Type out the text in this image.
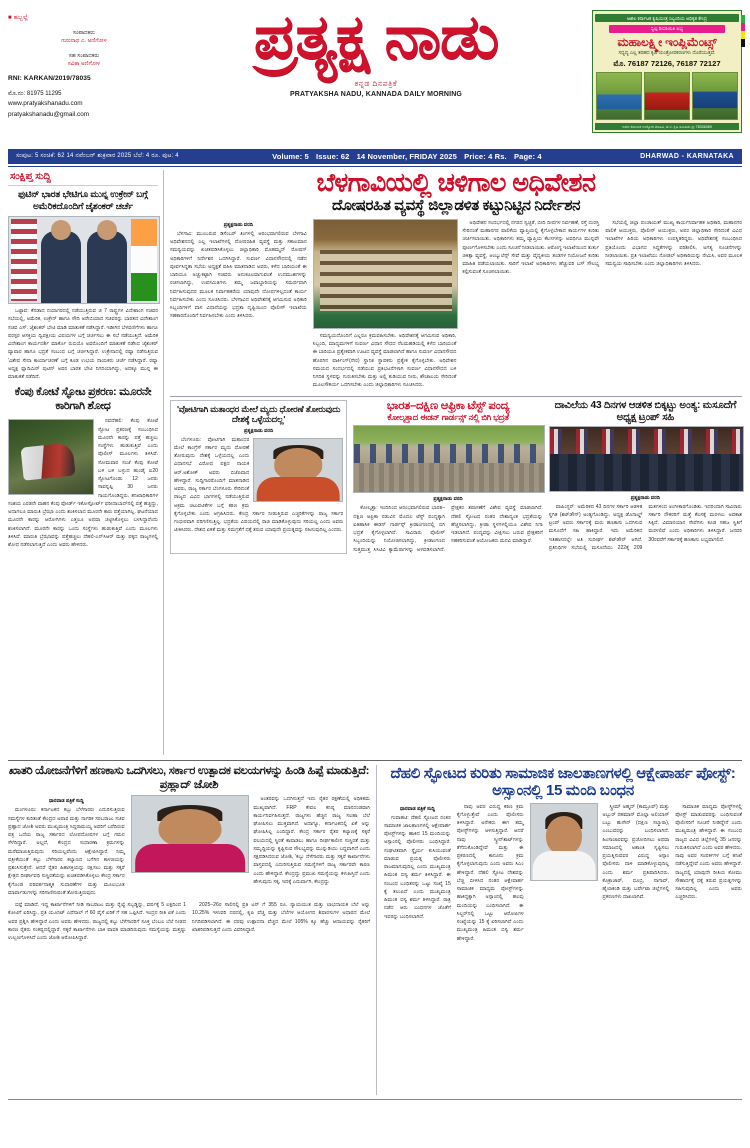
■ ಹಬ್ಬಲ್ಲೆ
ಸಂಪಾದಕರು
ಗುರುನಾಥ ಎ. ಅಣಿಗೋಳ
ಸಹ ಸಂಪಾದಕರು
ಸವಿತಾ ಅಣಿಗೋಳ
RNI: KARKAN/2019/78035
ಮೊ.ನಂ: 81975 11295
www.pratyakshanadu.com
pratyakshanadu@gmail.com
ಪ್ರತ್ಯಕ್ಷ ನಾಡು
ಕನ್ನಡ ದಿನಪತ್ರಿಕೆ
PRATYAKSHA NADU, KANNADA DAILY MORNING
ಅಖಿಲ ಕರ್ನಾಟಕ ಕೃಷಿಯಂತ್ರ ಸಿಬ್ಬಂದಿಯ ಅಧಿಕೃತ ಕೇಂದ್ರ
ಸ್ವಲ್ಪ ರಿಯಾಯಿತಿ ಲಭ್ಯ
ಮಹಾಲಕ್ಷ್ಮೀ ಇಂಪ್ಲಿಮೆಂಟ್ಸ್
ಸಧ್ಯದ್ಯ ಎಲ್ಲ ತರಹದ ಕೃಷಿ ಯಂತ್ರೋಪಕರಣಗಳು ದೊರೆಯುತ್ತವೆ.
ಮೊ. 76187 72126, 76187 72127
ಅಖಿಲ ಕರ್ನಾಟಕ ಉದ್ಯೋಗ ಮಾಹಿತಿ, ಹೆ ನ. ಕೃಷಿ ಸಮಿತಿಯ ಪ್ರ: 78336369
ಸಂಪುಟ: 5 ಸಂಚಿಕೆ: 62 14 ನವೆಂಬರ್ ಶುಕ್ರವಾರ 2025 ಬೆಲೆ: 4 ರೂ. ಪುಟ: 4	Volume: 5 Issue: 62 14 November, FRIDAY 2025 Price: 4 Rs. Page: 4	DHARWAD - KARNATAKA
ಸಂಕ್ಷಿಪ್ತ ಸುದ್ದಿ
ಫುಟಿನ್ ಭಾರತ ಭೇಟಿಗೂ ಮುನ್ನ ಉಕ್ರೇನ್ ಬಗ್ಗೆ ಅಮೆರಿಕದೊಂದಿಗೆ ಜೈಶಂಕರ್ ಚರ್ಚೆ

ಒಟ್ಟಾವ: ಕೆನಡಾದ ನಯಾಗರದಲ್ಲಿ ನಡೆಯುತ್ತಿರುವ ಜಿ 7 ರಾಷ್ಟ್ರಗಳ ವಿದೇಶಾಂಗ ಸಚಿವರ ಸಭೆಯಲ್ಲಿ, ಅಮೆರಿಕ, ಉಕ್ರೇನ್ ಹಾಗೂ ಸೌದಿ ಅರೇಬಿಯಾದ ಸಚಿವರನ್ನು ಭಾರತದ ವಿದೇಶಾಂಗ ಸಚಿವ ಎಸ್. ಜೈಶಂಕರ್ ಭೇಟಿ ಮಾಡಿ ಮಾತುಕತೆ ನಡೆಸಿದ್ದಾರೆ. ಇಡೀಗಿನ ಬೆಳವಣಿಗೆಗಳು ಹಾಗೂ ಪರಸ್ಪರ ಆಸಕ್ತಿಯ ದ್ವಿಪಕ್ಷೀಯ ವಿಷಯಗಳ ಬಗ್ಗೆ ಚರ್ಚಿಸಲು ಈ ಸಭೆ ನಡೆಯುತ್ತಿದೆ. ಅಮೆರಿಕ ವಿದೇಶಾಂಗ ಕಾರ್ಯದರ್ಶಿ ಮಾರ್ಕೊ ರುಬಿಯೊ ಅವರೊಂದಿಗೆ ಮಾತುಕತೆ ನಡೆಸಿದ ಜೈಶಂಕರ್ ವ್ಯಾಪಾರ ಹಾಗೂ ಭದ್ರತೆ ಸಂಬಂಧ ಬಗ್ಗೆ ಚರ್ಚಿಸಿದ್ದಾರೆ. ಉಕ್ರೇನಾದಲ್ಲಿ ರಷ್ಯಾ ನಡೆಸುತ್ತಿರುವ 'ವಿಶೇಷ ಸೇನಾ ಕಾರ್ಯಾಚರಣೆ' ಬಗ್ಗೆ ಕೂಡ ಉಭಯ ನಾಯಕರು ಚರ್ಚೆ ನಡೆಸಿದ್ದಾರೆ. ರಷ್ಯಾ ಅಧ್ಯಕ್ಷ ವ್ಲಾದಿಮಿರ್ ಪುಟಿನ್ ಅವರ ಭಾರತ ಭೇಟಿ ನಿಗದಿಯಾಗಿದ್ದು, ಅದಕ್ಕೂ ಮುನ್ನ ಈ ಮಾತುಕತೆ ನಡೆದಿದೆ.

ಕೆಂಪು ಕೋಟೆ ಸ್ಫೋಟ ಪ್ರಕರಣ: ಮೂರನೇ ಕಾರಿಗಾಗಿ ಶೋಧ

ನವದೆಹಲಿ: ಕೆಂಪು ಕೋಟೆ ಸ್ಫೋಟ ಪ್ರಕರಣಕ್ಕೆ ಸಂಬಂಧಿಸಿದ ಮೂರನೇ ಕಾರನ್ನು ಪತ್ತೆ ಹಚ್ಚಲು ಸಂಸ್ಥೆಗಳು ಹುಡುಕುತ್ತಿವೆ ಎಂದು ಪೊಲೀಸ್ ಮೂಲಗಳು ತಿಳಿಸಿವೆ. ಸೋಮವಾರ ಸಂಜೆ ಕೆಂಪು ಕೋಟೆ ಬಳಿ ಬಳಿ ಬಳ್ಳುದ ಹುಂಡೈ ಐ20 ಸ್ಫೋಟಗೊಂಡು 12 ಜನರು ಸಾವನ್ನಪ್ಪಿ 30 ಜನರು ಗಾಯಗೊಂಡಿದ್ದರು. ತನಿಖಾಧಿಕಾರಿಗಳ ಸಂಶಯ ಎರಡನೇ ವಾಹನ ಕೆಂಪು ಫೋರ್ಡ್ ಇಕೋಸ್ಪೋರ್ಟ್ ಫರೀದಾಬಾದ್‌ನಲ್ಲಿ ಪತ್ತೆ ಹಚ್ಚಿದ್ದು, ಅದಾಗಲೂ ಮಾರುತಿ ಬ್ರೆಝಾ ಎಂದು ಶಂಕಿಸಲಾದ ಮೂರನೇ ಕಾರು ಪತ್ತೆಯಾಗಿಲ್ಲ. ಘಟನೆಯಾದ ಮೂರನೇ ಕಾರನ್ನು ಆರೋಗಿಗಳು ಎತ್ತಲೂ ಅಥವಾ ಚಟ್ಟಿಸಿಕೊಳ್ಳಲು ಬಳಸಿದ್ದಾರೆಂದು ಶಂಕಿಸಲಾಗಿದೆ. ಮೂರನೇ ಕಾರನ್ನು ಒಂದು ಸಂಸ್ಥೆಗಳು ಹುಡುಕುತ್ತಿವೆ ಎಂದು ಮೂಲಗಳು ತಿಳಿಸಿವೆ. ಮಾರುತಿ ಬ್ರೆಝಾವನ್ನು ಪತ್ತೆಹಚ್ಚಲು ದೆಹಲಿ-ಎನ್‌ಸಿಆರ್ ಮತ್ತು ಪಕ್ಕದ ರಾಜ್ಯಗಳಲ್ಲಿ ಶೋಧ ನಡೆಸಲಾಗುತ್ತಿದೆ ಎಂದು ಅವರು ಹೇಳಿದರು.

ಬೆಳಗಾವಿಯಲ್ಲಿ ಚಳಿಗಾಲ ಅಧಿವೇಶನ
ದೋಷರಹಿತ ವ್ಯವಸ್ಥೆ ಜಿಲ್ಲಾಡಳಿತ ಕಟ್ಟುನಿಟ್ಟಿನ ನಿರ್ದೇಶನ
ಪ್ರತ್ಯಕ್ಷನಾಡು ವರದಿ

ಬೆಳಗಾವಿ: ಮುಂಬರುವ ಡಿಸೆಂಬರ್ ತಿಂಗಳಲ್ಲಿ ಆರಂಭವಾಗಲಿರುವ ಬೆಳಗಾವಿ ಅಧಿವೇಶನದಲ್ಲಿ ಎಲ್ಲ ಇಲಾಖೆಗಳಲ್ಲಿ ದೋಷರಹಿತ ವ್ಯವಸ್ಥೆ ಮತ್ತು ಸಕಾಲಮಾನ ಸಮನ್ವಯವನ್ನು ಖಚಿತಪಡಿಸಿಕೊಳ್ಳಲು ಜಿಲ್ಲಾಧಿಕಾರಿ ಮೊಹಮ್ಮದ್ ರೋಷನ್ ಅಧಿಕಾರಿಗಳಿಗೆ ನಿರ್ದೇಶನ ಒದಗಿಸಿದ್ದಾರೆ. ಸುವರ್ಣ ವಿಧಾನಸೌಧದಲ್ಲಿ ನಡೆದ ಪೂರ್ವಸಿದ್ಧತಾ ಸಭೆಯ ಅಧ್ಯಕ್ಷತೆ ವಹಿಸಿ ಮಾತನಾಡಿದ ಅವರು, ಕಳೆದ ಬಾರಿಯಂತೆ ಈ ಬಾರಿಯೂ ಅಚ್ಚುಕಟ್ಟಾಗಿ ಸಚಿವರು ಅನುಕೂಲವಾಗುವಂತೆ ಉದಮುಖಿಗಳನ್ನು ರಚಿಸಲಾಗಿದ್ದು, ಉಪಸಮಿತಿಗಳು ತಮ್ಮ ಜವಾಬ್ದಾರಿಯನ್ನು ಸಮರ್ಥವಾಗಿ ನಿರ್ವಹಿಸುವುದರ ಮೂಲಕ ನಿರ್ವಾಹಕರೆಯ ಯಾವುದೇ ದೋಷಗಳಿಲ್ಲದಂತೆ ಕಾರ್ಯ ನಿರ್ವಹಿಸಬೇಕು ಎಂದು ಸೂಚಿಸಿದರು. ಬೆಳಗಾವಿದ ಅಧಿವೇಶನಕ್ಕೆ ಆಗಮಿಸುವ ಅಧಿಕಾರಿ ಸಿಬ್ಬಂದಿಗಳಿಗೆ ವಾಸ ವಿಧಾನೆಯನ್ನು ಭದ್ರತಾ ದೃಷ್ಟಿಯಿಂದ ಪೊಲೀಸ್ ಇಲಾಖೆಯ ಸಹಕಾರದೊಂದಿಗೆ ನಿರ್ವಹಿಸಬೇಕು ಎಂದು ತಿಳಿಸಿದರು.

ಸಮನ್ವಯದೊಂದಿಗೆ ಎಲ್ಲರೂ ಕ್ರಮವಹಿಸಬೇಕು. ಅಧಿವೇಶನಕ್ಕೆ ಆಗಮಿಸುವ ಅಧಿಕಾರಿ, ಸಿಬ್ಬಂದಿ, ಮಾಧ್ಯಮಗಳಿಗೆ ಸುವರ್ಣ ವಿಧಾನ ಸೌಧದ ನೆಲಮಹಡಿಯಲ್ಲಿ ಕಳೆದ ಬಾರಿಯಂತೆ ಈ ಬಾರಿಯೂ ಪ್ರತ್ಯೇಕವಾಗಿ ಊಟದ ವ್ಯವಸ್ಥೆ ಮಾಡಲಾಗಿದೆ ಹಾಗೂ ಸುವರ್ಣ ವಿಧಾನಸೌಧದ ಹೊರಗಿನ ಪಾರ್ಕಿಂಗ್(ನೇರ) ಸ್ಥಾನಿಕ ಸ್ಥಾಪಕರು ಪ್ರತ್ಯೇಕ ಕೈಗೊಳ್ಳಬೇಕು. ಅಧಿವೇಶನ ಸಮಯದ ಸಂದರ್ಭದಲ್ಲಿ ನಡೆಯುವ ಪ್ರತಿಭಟನೆಗಳಾಗಿ ಸುವರ್ಣ ವಿಧಾನಸೌಧದ ಬಳಿ ನಿಗದಿತ ಸ್ಥಳವನ್ನು ಗುರುತಿಸಬೇಕು ಮತ್ತು ಅಲ್ಲಿ ಕುಡಿಯುವ ನೀರು, ಶೌಚಾಲಯ ಸೇರಿದಂತೆ ಮೂಲಸೌಕರ್ಯ ಒದಗಿಸಬೇಕು ಎಂದು ಜಿಲ್ಲಾಧಿಕಾರಿಗಳು ಸೂಚಿಸಿದರು.

ಅಧಿವೇಶನ ಸಂದರ್ಭದಲ್ಲಿ ನಗರದ ಸ್ವಚ್ಛತೆ, ಬೀದಿ ದೀಪಗಳ ನಿರ್ವಹಣೆ, ರಸ್ತೆ ದುರಸ್ತಿ ಸೇರಿದಂತೆ ಮಹಾನಗರ ಪಾಲಿಕೆಯ ವ್ಯಾಪ್ತಿಯಲ್ಲಿ ಕೈಗೊಳ್ಳಬೇಕಾದ ಕಾರ್ಯಗಳ ಕುರಿತು ಚರ್ಚಿಸಲಾಯಿತು. ಅಧಿಕಾರಿಗಳು ತಮ್ಮ ವ್ಯಾಪ್ತಿಯ ಕೆಲಸಗಳನ್ನು ಅವಧಿಗೂ ಮುನ್ನವೇ ಪೂರ್ಣಗೊಳಿಸಬೇಕು ಎಂದು ಸೂಚನೆ ನೀಡಲಾಯಿತು. ಆರೋಗ್ಯ ಇಲಾಖೆಯಿಂದ ತುರ್ತು ಚಿಕಿತ್ಸಾ ವ್ಯವಸ್ಥೆ, ಆಂಬ್ಯುಲೆನ್ಸ್ ಸೇವೆ ಮತ್ತು ವೈದ್ಯಕೀಯ ತಂಡಗಳ ನಿಯೋಜನೆ ಕುರಿತು ಮಾಹಿತಿ ಪಡೆಯಲಾಯಿತು. ಸಾರಿಗೆ ಇಲಾಖೆ ಅಧಿಕಾರಿಗಳು ಹೆಚ್ಚುವರಿ ಬಸ್ ಸೌಲಭ್ಯ ಕಲ್ಪಿಸುವಂತೆ ಸೂಚಿಸಲಾಯಿತು.

ಸಭೆಯಲ್ಲಿ ಜಿಲ್ಲಾ ಪಂಚಾಯತ್ ಮುಖ್ಯ ಕಾರ್ಯನಿರ್ವಾಹಕ ಅಧಿಕಾರಿ, ಮಹಾನಗರ ಪಾಲಿಕೆ ಆಯುಕ್ತರು, ಪೊಲೀಸ್ ಆಯುಕ್ತರು, ಅಪರ ಜಿಲ್ಲಾಧಿಕಾರಿ ಸೇರಿದಂತೆ ವಿವಿಧ ಇಲಾಖೆಗಳ ಹಿರಿಯ ಅಧಿಕಾರಿಗಳು ಉಪಸ್ಥಿತರಿದ್ದರು. ಅಧಿವೇಶನಕ್ಕೆ ಸಂಬಂಧಿಸಿದ ಪ್ರತಿಯೊಂದು ವಿಭಾಗದ ಸಿದ್ಧತೆಗಳನ್ನು ಪರಿಶೀಲಿಸಿ, ಅಗತ್ಯ ಸೂಚನೆಗಳನ್ನು ನೀಡಲಾಯಿತು. ಪ್ರತಿ ಇಲಾಖೆಯು ನೋಡಲ್ ಅಧಿಕಾರಿಯನ್ನು ನೇಮಿಸಿ, ಅವರ ಮೂಲಕ ಸಮನ್ವಯ ಸಾಧಿಸಬೇಕು ಎಂದು ಜಿಲ್ಲಾಧಿಕಾರಿಗಳು ತಿಳಿಸಿದರು.

'ವೋಟಿಗಾಗಿ ಮತಾಂಧರ ಮೇಲೆ ಮ್ಯದು ಧೋರಣೆ ತೋರುವುದು ದೇಶಕ್ಕೆ ಒಳ್ಳೆಯದಲ್ಲ'
ಪ್ರತ್ಯಕ್ಷನಾಡು ವರದಿ

ಬೆಂಗಳೂರು: ವೋಟಿಗಾಗಿ ಮತಾಂಧರ ಮೇಲೆ ಕಾಂಗ್ರೆಸ್ ಸರ್ಕಾರ ಮ್ಯದು ಧೋರಣೆ ತೋರುವುದು ದೇಶಕ್ಕೆ ಒಳ್ಳೆಯದಲ್ಲ ಎಂದು ವಿಧಾನಸಭೆ ವಿರೋಧ ಪಕ್ಷದ ನಾಯಕ ಆರ್.ಅಶೋಕ್ ಅವರು ಬಿಜೆಪಿವಾದ ಹೇಳಿದ್ದಾರೆ. ಸುದ್ದಿಗಾರರೊಂದಿಗೆ ಮಾತನಾಡಿದ ಅವರು, ರಾಜ್ಯ ಸರ್ಕಾರ ಬೆಂಗಳೂರು ಸೇರಿದಂತೆ ರಾಜ್ಯದ ವಿವಿಧ ಭಾಗಗಳಲ್ಲಿ ನಡೆಯುತ್ತಿರುವ ಅಕ್ರಮ ಚಟುವಟಿಕೆಗಳ ಬಗ್ಗೆ ಕಠಿಣ ಕ್ರಮ ಕೈಗೊಳ್ಳಬೇಕು ಎಂದು ಆಗ್ರಹಿಸಿದರು. ಕೇಂದ್ರ ಸರ್ಕಾರ ನೀಡುತ್ತಿರುವ ಎಚ್ಚರಿಕೆಗಳನ್ನು ರಾಜ್ಯ ಸರ್ಕಾರ ಗಂಭೀರವಾಗಿ ಪರಿಗಣಿಸುತ್ತಿಲ್ಲ. ಭದ್ರತೆಯ ವಿಷಯದಲ್ಲಿ ರಾಜಿ ಮಾಡಿಕೊಳ್ಳುವುದು ಸರಿಯಲ್ಲ ಎಂದು ಅವರು ಟೀಕಿಸಿದರು. ದೇಶದ ಏಕತೆ ಮತ್ತು ಸಮಗ್ರತೆಗೆ ಧಕ್ಕೆ ತರುವ ಯಾವುದೇ ಪ್ರಯತ್ನವನ್ನು ಸಹಿಸುವುದಿಲ್ಲ ಎಂದರು.

ಭಾರತ–ದಕ್ಷಿಣ ಆಫ್ರಿಕಾ ಟೆಸ್ಟ್ ಪಂದ್ಯ
ಕೋಲ್ಕತ್ತಾದ ಈಡನ್ ಗಾರ್ಡನ್ಸ್ ನಲ್ಲಿ ಬಿಗಿ ಭದ್ರತೆ
ಪ್ರತ್ಯಕ್ಷನಾಡು ವರದಿ

ಕೋಲ್ಕತ್ತಾ: ಇಂದಿನಿಂದ ಆರಂಭವಾಗಲಿರುವ ಭಾರತ–ದಕ್ಷಿಣ ಆಫ್ರಿಕಾ ನಡುವಿನ ಮೊದಲ ಟೆಸ್ಟ್ ಪಂದ್ಯಕ್ಕಾಗಿ ಐತಿಹಾಸಿಕ ಈಡನ್ ಗಾರ್ಡನ್ಸ್ ಕ್ರೀಡಾಂಗಣದಲ್ಲಿ ಬಿಗಿ ಭದ್ರತೆ ಕೈಗೊಳ್ಳಲಾಗಿದೆ. ಸಾವಿರಾರು ಪೊಲೀಸ್ ಸಿಬ್ಬಂದಿಯನ್ನು ನಿಯೋಜಿಸಲಾಗಿದ್ದು, ಕ್ರೀಡಾಂಗಣದ ಸುತ್ತಮುತ್ತ ಸಿಸಿಟಿವಿ ಕ್ಯಾಮೆರಾಗಳನ್ನು ಅಳವಡಿಸಲಾಗಿದೆ. ಪ್ರೇಕ್ಷಕರ ತಪಾಸಣೆಗೆ ವಿಶೇಷ ವ್ಯವಸ್ಥೆ ಮಾಡಲಾಗಿದೆ. ದೆಹಲಿ ಸ್ಫೋಟದ ನಂತರ ದೇಶಾದ್ಯಂತ ಭದ್ರತೆಯನ್ನು ಹೆಚ್ಚಿಸಲಾಗಿದ್ದು, ಕ್ರೀಡಾ ಸ್ಥಳಗಳಲ್ಲಿಯೂ ವಿಶೇಷ ನಿಗಾ ಇಡಲಾಗಿದೆ. ಪಂದ್ಯವನ್ನು ವೀಕ್ಷಿಸಲು ಬರುವ ಪ್ರೇಕ್ಷಕರಿಗೆ ಸಹಕರಿಸುವಂತೆ ಆಯೋಜಕರು ಮನವಿ ಮಾಡಿದ್ದಾರೆ.

ದಾವಿಲೆಯ 43 ದಿನಗಳ ಆಡಳಿತ ಬಿಕ್ಕಟ್ಟು ಅಂತ್ಯ: ಮಸೂದೆಗೆ ಅಧ್ಯಕ್ಷ ಟ್ರಂಪ್ ಸಹಿ
ಪ್ರತ್ಯಕ್ಷನಾಡು ವರದಿ

ವಾಷಿಂಗ್ಟನ್: ಅಮೆರಿಕದ 43 ದಿನಗಳ ಸರ್ಕಾರಿ ಆಡಳಿತ ಸ್ಥಗಿತ (ಶಟ್‌ಡೌನ್) ಅಂತ್ಯಗೊಂಡಿದ್ದು, ಅಧ್ಯಕ್ಷ ಡೊನಾಲ್ಡ್ ಟ್ರಂಪ್ ಅವರು ಸರ್ಕಾರಕ್ಕೆ ಮರು ಹಣಕಾಸು ಒದಗಿಸುವ ಮಸೂದೆಗೆ ಸಹಿ ಹಾಕಿದ್ದಾರೆ. ಇದು ಅಮೆರಿಕದ ಇತಿಹಾಸದಲ್ಲೇ ಅತಿ ಸುದೀರ್ಘ ಶಟ್‌ಡೌನ್ ಆಗಿದೆ. ಪ್ರತಿನಿಧಿಗಳ ಸಭೆಯಲ್ಲಿ ಮಸೂದೆಯು 222ಕ್ಕೆ 209 ಮತಗಳಿಂದ ಅಂಗೀಕಾರಗೊಂಡಿತು. ಇದರಿಂದಾಗಿ ಸಾವಿರಾರು ಸರ್ಕಾರಿ ನೌಕರರಿಗೆ ಮತ್ತೆ ಕೆಲಸಕ್ಕೆ ಮರಳಲು ಅವಕಾಶ ಸಿಕ್ಕಿದೆ. ವಿಮಾನಯಾನ ಸೇವೆಗಳು ಕೂಡ ಸಹಜ ಸ್ಥಿತಿಗೆ ಮರಳಲಿವೆ ಎಂದು ಅಧಿಕಾರಿಗಳು ತಿಳಿಸಿದ್ದಾರೆ. ಜನವರಿ 30ರವರೆಗೆ ಸರ್ಕಾರಕ್ಕೆ ಹಣಕಾಸು ಲಭ್ಯವಾಗಲಿದೆ.

ಖಾತರಿ ಯೋಜನೆಗೆಳಿಗೆ ಹಣಕಾಸು ಒದಗಿಸಲು, ಸರ್ಕಾರ ಉತ್ಪಾದಕ ವಲಯಗಳನ್ನು ಹಿಂಡಿ ಹಿಪ್ಪೆ ಮಾಡುತ್ತಿದೆ: ಪ್ರಹ್ಲಾದ್ ಜೋಶಿ
ಧಾರವಾಡ ಪತ್ರಿಕೆ ಸುದ್ದಿ

ಮಂಗಳೂರು: ಕರ್ನಾಟಕದ ಕಬ್ಬು ಬೆಳೆಗಾರರು ಎದುರಿಸುತ್ತಿರುವ ಸಮಸ್ಯೆಗಳ ಕುರಿತಂತೆ ಕೇಂದ್ರದ ಅಪಾರ ಮತ್ತು ನಾಗರಿಕ ಸರಬರಾಜು ಸಚಿವ ಪ್ರಹ್ಲಾದ ಜೋಶಿ ಅವರು ಮುಖ್ಯಮಂತ್ರಿ ಸಿದ್ದರಾಮಯ್ಯ ಅವರಿಗೆ ಬರೆದಿರುವ ಪತ್ರ ಒದೆಯ ರಾಜ್ಯ ಸರ್ಕಾರದ ಲೋಪದೋಷಗಳ ಬಗ್ಗೆ ಗಮನ ಸೆಳೆದಿದ್ದಾರೆ. ಅಲ್ಲದೆ, ಕೇಂದ್ರದ ಸುಧಾರಣಾ ಕ್ರಮಗಳನ್ನು ಮರೆಮಾಚುತ್ತಿರುವುದು ಸರಿಯಲ್ಲವೆಂದು ಆಕ್ಷೇಪಿಸಿದ್ದಾರೆ. ನಿಮ್ಮ ಪತ್ರೀಕೆಯಂತೆ ಕಬ್ಬು ಬೆಳೆಗಾರರ ಕಲ್ಯಾಣದ ಬಗೆಗಿನ ಕಾಳಜಿಯನ್ನು ಪ್ರಶಂಸಿಸುತ್ತೇನೆ. ಆದರೆ ರೈತರ ಹಿತಾಸಕ್ತಿಯನ್ನು ರಕ್ಷಿಸಲು ಮತ್ತು ಸಕ್ಕರೆ ಕ್ಷೇತ್ರದ ದೀರ್ಘಾವಧಿ ಸುಸ್ಥಿರತೆಯನ್ನು ಖಚಿತಪಡಿಸಿಕೊಳ್ಳಲು ಕೇಂದ್ರ ಸರ್ಕಾರ ಕೈಗೊಂಡ ಪರಿವರ್ತನಾತ್ಮಕ ಸುಧಾರಣೆಗಳ ಮತ್ತು ಮೂಲಭೂತ ಮಾರ್ಪಾಡುಗಳನ್ನು ಸರಿಗಾಣಿಸುವಂತೆ ತೋರುತ್ತಿರುವುದು

ಅಂತರವನ್ನು ಒದಗಿಸುತ್ತದೆ ಇದು ರೈತರ ರಕ್ಷಣೆಯಲ್ಲಿ ಅಧಿಕತಮ ಮುಖ್ಯವಾಗಿದೆ. FRP ಕೇವಲ ಕನಿಷ್ಠ ಮಾನದಂಡವಾಗಿ ಕಾರ್ಯನಿರ್ವಹಿಸುತ್ತದೆ. ರಾಜ್ಯಗಳು ಹೆಚ್ಚಿನ ರಾಜ್ಯ ಸಲಹಾ ಬೆಲೆ ಘೋಷಿಸಲು ಮುಕ್ತವಾಗಿದೆ. ಅದಾಗ್ಯೂ, ಕರ್ನಾಟಕದಲ್ಲಿ ಏಕೆ ಅನ್ನು ಘೋಷಿಸಿಲ್ಲ ಎಂದಿದ್ದಾರೆ. ಕೇಂದ್ರ ಸರ್ಕಾರ ರೈತರ ಕಲ್ಯಾಣಕ್ಕೆ ಸಕ್ಕರೆ ವಲಯದಲ್ಲಿ ಸ್ಥಿರತೆ ಕಾಪಾಡಲು ಹಾಗೂ ದೀರ್ಘಕಾಲೀನ ಸುಸ್ಥಿರತೆ ಮತ್ತು ಸಮೃದ್ಧಿಯನ್ನು ಕೃಷ್ಟಿಸುವ ಸೌಲಭ್ಯವನ್ನು ಮುನ್ನುಡಿಯು ಬದ್ಧವಾಗಿದೆ ಎಂದು ಸಕ್ಷಪಡಿಸಿದರುವ ಜೋಶಿ, 'ಕಬ್ಬು ದೆಳೆಗಾರರು ಮತ್ತು ಸಕ್ಕರೆ ಕಾರ್ಖಾನೆಗಳು ವಾಸ್ತವದಲ್ಲಿ ಎದುರಿಸುತ್ತಿರುವ ಸಮಸ್ಯೆಗಳಿಗೆ ರಾಜ್ಯ ಸರ್ಕಾರವೇ ಕಾರಣ ಎಂದು ಹೇಳಿದ್ದಾರೆ. ಕೇಂದ್ರದ್ದು ಪ್ರಮುಖ ಸಮಸ್ಯೆಯನ್ನು ಕಳುಹಿಸ್ತಿದೆ ಎಂದು ಹೇಳುವುದು ಸಕ್ಕ, ಇದಕ್ಕೆ ಎದುರ್ವಾಗಿ, ಕೇಂದ್ರದ್ದು

ಬಿಪ್ಪೆ ಮಾಡಿದೆ. ಇದ್ದ ಕಾರ್ಖಾನೆಗಳಿಗೆ ನೀಡಿ ಸಾಬರಾಜು ಮತ್ತು ರೈಲ್ವೆ ಸಬ್ಬಡ್ಡಿನ್ನು, ವರ್ಷಕ್ಕೆ 5 ಲಕ್ಷದಿಂದ 1 ಕೋಟಿಗೆ ಏರಿಸಿದ್ದು, ಪ್ರತಿ ಯೂನಿಟ್ ಎಥೆನಾಲ್ ಗೆ 60 ಪೈಸೆ ಏರಿಕೆ ಗೆ ಸಹ ಒಪ್ಪಿಸಿದೆ. ಇಂದ್ರನ ರೀತಿ ಏಕೆ ಎಂದು ಅವರ ಪ್ರಶ್ನಿಸಿ ಹೇಳಿದ್ದಾರೆ ಎಂದು ಅವರು ಹೇಳಿದರು. ರಾಜ್ಯದಲ್ಲಿ ಕಬ್ಬು ಬೆಳೆಗಾರರಿಗೆ ಸೂಕ್ತ ಬೆಂಬಲ ಬೆಲೆ ನೀಡದ ಕಾರಣ ರೈತರು ಸಂಕಷ್ಟದಲ್ಲಿದ್ದಾರೆ. ಸಕ್ಕರೆ ಕಾರ್ಖಾನೆಗಳು ಬಾಕಿ ಪಾವತಿ ಮಾಡದಿರುವುದು ಸಮಸ್ಯೆಯನ್ನು ಮತ್ತಷ್ಟು ಉಲ್ಬಣಗೊಳಿಸಿದೆ ಎಂದು ಜೋಶಿ ಆರೋಪಿಸಿದ್ದಾರೆ.

2025–26ರ ಸಾಲಿನಲ್ಲಿ ಪ್ರತಿ ಟನ್ ಗೆ 355 ರೂ. ನ್ಯಾಯಯುತ ಮತ್ತು ಲಾಭದಾಯಕ ಬೆಲೆ ಅನ್ನು 10.25% ಇಳುವರಿ ದರದಲ್ಲಿ, ಕೃಷಿ ವೆಚ್ಚ ಮತ್ತು ಬೆಲೆಗಳ ಆಯೋಗದ ಶಿಫಾರಸುಗಳ ಅಧಾರದ ಮೇಲೆ ನಿಗದಿಪಡಿಸಲಾಗಿದೆ. ಈ ದರವು ಉತ್ಪಾದನಾ ವೆಚ್ಚದ ಮೇಲೆ 105% ಕ್ಕೂ ಹೆಚ್ಚು ಆದಾಯವನ್ನು ರೈತರಿಗೆ ಖಾತರಿಪಡಿಸುತ್ತದೆ ಎಂದು ವಿವರಿಸಿದ್ದಾರೆ.

ದೆಹಲಿ ಸ್ಫೋಟದ ಕುರಿತು ಸಾಮಾಜಿಕ ಜಾಲತಾಣಗಳಲ್ಲಿ ಆಕ್ಷೇಪಾರ್ಹ ಪೋಸ್ಟ್: ಅಸ್ಸಾಂನಲ್ಲಿ 15 ಮಂದಿ ಬಂಧನ
ಧಾರವಾಡ ಪತ್ರಿಕೆ ಸುದ್ದಿ

ಗುವಾಹಟಿ: ದೆಹಲಿ ಸ್ಫೋಟದ ನಂತರ ಸಾಮಾಜಿಕ ಜಾಲತಾಣಗಳಲ್ಲಿ ಆಕ್ಷೇಪಾರ್ಹ ಪೋಸ್ಟ್‌ಗಳನ್ನು ಹಾಕಿದ 15 ಮಂದಿಯನ್ನು ಅಸ್ಸಾಂನಲ್ಲಿ ಪೊಲೀಸರು ಬಂಧಿಸಿದ್ದಾರೆ. ಸಂಘಟಿತವಾಗಿ ಸ್ಥೈರ್ಯ ಕುಸಿಯುವಂತೆ ಮಾಡುವ ಪ್ರಯತ್ನ ಪೊಲೀಸರು ರಾಜಮಾಗುವುದಿಲ್ಲ ಎಂದು ಮುಖ್ಯಮಂತ್ರಿ ಹಿಮಂತ ಬಿಸ್ವ ಶರ್ಮ ತಿಳಿಸಿದ್ದಾರೆ. ಈ ಸಂಬಂಧ ಬಂಧಿತರನ್ನು ಒಟ್ಟು ಸಂಖ್ಯೆ 15 ಕ್ಕೆ ತಲುಪಿದೆ ಎಂದು ಮುಖ್ಯಮಂತ್ರಿ ಹಿಮಂತ ಬಿಸ್ವ ಶರ್ಮ ತಿಳಿಸಿದ್ದಾರೆ. ರಾತ್ರಿ ನಡೆದ ಆರು ಬಂಧನಗಳ ಜೊತೆಗೆ ಇವರನ್ನು ಬಂಧಿಸಲಾಗಿದೆ.

ನಾವು ಅವರ ವಿರುದ್ಧ ಕಠಿಣ ಕ್ರಮ ಕೈಗೊಳ್ಳುತ್ತೇವೆ ಎಂದು ಪೊಲೀಸರು ತಿಳಿಸಿದ್ದಾರೆ. ಅನೇಕರು ಈಗ ತಮ್ಮ ಪೋಸ್ಟ್‌ಗಳನ್ನು ಅಳಿಸುತ್ತಿದ್ದಾರೆ. ಆದರೆ ನಾವು ಸ್ಕ್ರೀನ್‌ಶಾಟ್‌ಗಳನ್ನು ತೆಗೆದುಕೊಂಡಿದ್ದೇವೆ ಮತ್ತು ಈ ಪ್ರಕರಣದಲ್ಲಿ ಕಾನೂನು ಕ್ರಮ ಕೈಗೊಳ್ಳಲಾಗುವುದು ಎಂದು ಅವರು ಸಿಎಂ ಹೇಳಿದ್ದಾರೆ. ದೆಹಲಿ ಸ್ಫೋಟ ದೇಶವನ್ನು ಬೆಚ್ಚಿ ಬೀಳಿಸಿದ ನಂತರ ಆಕ್ಷೇಪಾರ್ಹ ಸಾಮಾಜಿಕ ಮಾಧ್ಯಮ ಪೋಸ್ಟ್‌ಗಳನ್ನು ಹಾಕಿದ್ದಕ್ಕಾಗಿ ಅಸ್ಸಾಂನಲ್ಲಿ ಹಲವು ಮಂದಿಯನ್ನು ಬಂಧಿಸಲಾಗಿದೆ. ಈ ಸಿಲ್ಚರ್‌ನಲ್ಲಿ ಒಟ್ಟು ಆರೋಪಿಗಳ ಸಂಖ್ಯೆಯನ್ನು 15 ಕ್ಕೆ ಏರಿಸಲಾಗಿದೆ ಎಂದು ಮುಖ್ಯಮಂತ್ರಿ ಹಿಮಂತ ಬಿಸ್ವ ಶರ್ಮ ಹೇಳಿದ್ದಾರೆ.

ಸ್ಕ್ರೀಮ್ ಅಹ್ಮದ್ (ಕಾಮ್ರೂಪ್) ಮತ್ತು ಅಬ್ಬುರ್ ರಹಮಾನ್ ಮೊಲ್ಲಾ ಅಲಿಯಾಸ್ ಬಬ್ಬು ಹುಸೇನ್ (ದಕ್ಷಿಣ ಸಲ್ಮಾರಾ), ಎಂಬುವರನ್ನು ಬಂಧಿಸಲಾಗಿದೆ. ಹಿಂಸಾಚಾರವನ್ನು ಪ್ರಚೋದಿಸಲು ಅಥವಾ ಸಮಾಜದಲ್ಲಿ ಅಶಾಂತಿ ಸೃಷ್ಟಿಸಲು ಪ್ರಯತ್ನಿಸುವವರ ವಿರುದ್ಧ ಅಸ್ಸಾಂ ಪೊಲೀಸರು ದಾಳಿ ಮಾಡಿಕೊಳ್ಳುವುದಿಲ್ಲ ಎಂದು ಶರ್ಮ ಪ್ರತಿಪಾದಿಸಿದರು. ಕೊಕ್ರಾಜಾರ್, ಧೂಬ್ರಿ, ನಾಗಾವ್, ಹೈಲಾಕಂಡಿ ಮತ್ತು ಬರ್ಪೇಟಾ ಜಿಲ್ಲೆಗಳಲ್ಲಿ ಪ್ರಕರಣಗಳು ದಾಖಲಾಗಿವೆ.

ಸಾಮಾಜಿಕ ಮಾಧ್ಯಮ ಪೋಸ್ಟ್‌ಗಳಲ್ಲಿ ಪೋಸ್ಟ್ ಮಾಡುವವರನ್ನು ಬಂಧಿಸುವಂತೆ ಪೊಲೀಸರಿಗೆ ಸೂಚನೆ ನೀಡಿದ್ದೇನೆ ಎಂದು ಮುಖ್ಯಮಂತ್ರಿ ಹೇಳಿದ್ದಾರೆ. ಈ ಸಂಬಂಧ ರಾಜ್ಯದ ವಿವಿಧ ಜಿಲ್ಲೆಗಳಲ್ಲಿ 35 ಜನರನ್ನು ಗುರುತಿಸಲಾಗಿದೆ ಎಂದು ಅವರ ಹೇಳಿದರು. ನಾವು ಅವರ ಸಂಪರ್ಕಗಳ ಬಗ್ಗೆ ತನಿಖೆ ನಡೆಸುತ್ತಿದ್ದೇವೆ ಎಂದು ಅವರು ಹೇಳಿದ್ದಾರೆ. ರಾಜ್ಯದಲ್ಲಿ ಯಾವುದೇ ರೀತಿಯ ಕೋಮು ಸೌಹಾರ್ದಕ್ಕೆ ಧಕ್ಕೆ ತರುವ ಪ್ರಯತ್ನಗಳನ್ನು ಸಹಿಸುವುದಿಲ್ಲ ಎಂದು ಅವರು ಎಚ್ಚರಿಸಿದರು.
